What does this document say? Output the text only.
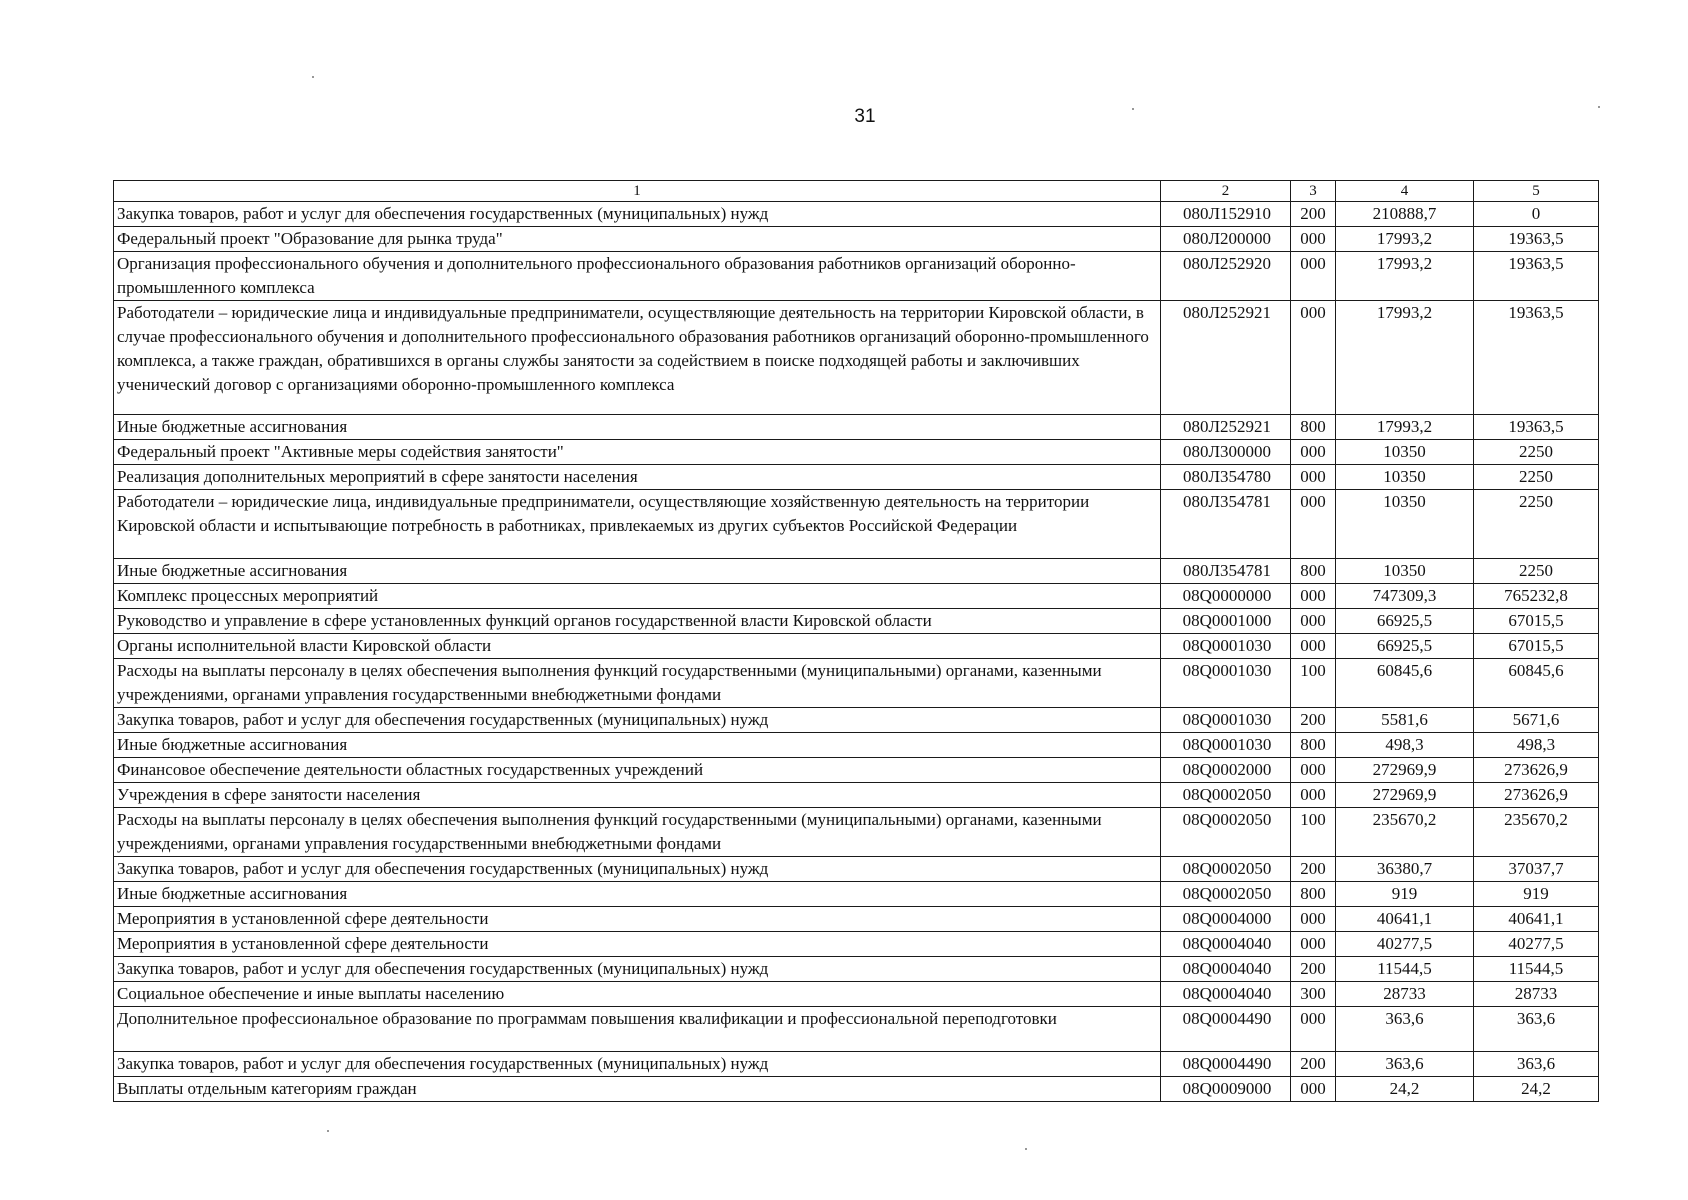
31
1	2	3	4	5
Закупка товаров, работ и услуг для обеспечения государственных (муниципальных) нужд	080Л152910	200	210888,7	0
Федеральный проект "Образование для рынка труда"	080Л200000	000	17993,2	19363,5
Организация профессионального обучения и дополнительного профессионального образования работников организаций оборонно-промышленного комплекса	080Л252920	000	17993,2	19363,5
Работодатели – юридические лица и индивидуальные предприниматели, осуществляющие деятельность на территории Кировской области, в случае профессионального обучения и дополнительного профессионального образования работников организаций оборонно-промышленного комплекса, а также граждан, обратившихся в органы службы занятости за содействием в поиске подходящей работы и заключивших ученический договор с организациями оборонно-промышленного комплекса	080Л252921	000	17993,2	19363,5
Иные бюджетные ассигнования	080Л252921	800	17993,2	19363,5
Федеральный проект "Активные меры содействия занятости"	080Л300000	000	10350	2250
Реализация дополнительных мероприятий в сфере занятости населения	080Л354780	000	10350	2250
Работодатели – юридические лица, индивидуальные предприниматели, осуществляющие хозяйственную деятельность на территории Кировской области и испытывающие потребность в работниках, привлекаемых из других субъектов Российской Федерации	080Л354781	000	10350	2250
Иные бюджетные ассигнования	080Л354781	800	10350	2250
Комплекс процессных мероприятий	08Q0000000	000	747309,3	765232,8
Руководство и управление в сфере установленных функций органов государственной власти Кировской области	08Q0001000	000	66925,5	67015,5
Органы исполнительной власти Кировской области	08Q0001030	000	66925,5	67015,5
Расходы на выплаты персоналу в целях обеспечения выполнения функций государственными (муниципальными) органами, казенными учреждениями, органами управления государственными внебюджетными фондами	08Q0001030	100	60845,6	60845,6
Закупка товаров, работ и услуг для обеспечения государственных (муниципальных) нужд	08Q0001030	200	5581,6	5671,6
Иные бюджетные ассигнования	08Q0001030	800	498,3	498,3
Финансовое обеспечение деятельности областных государственных учреждений	08Q0002000	000	272969,9	273626,9
Учреждения в сфере занятости населения	08Q0002050	000	272969,9	273626,9
Расходы на выплаты персоналу в целях обеспечения выполнения функций государственными (муниципальными) органами, казенными учреждениями, органами управления государственными внебюджетными фондами	08Q0002050	100	235670,2	235670,2
Закупка товаров, работ и услуг для обеспечения государственных (муниципальных) нужд	08Q0002050	200	36380,7	37037,7
Иные бюджетные ассигнования	08Q0002050	800	919	919
Мероприятия в установленной сфере деятельности	08Q0004000	000	40641,1	40641,1
Мероприятия в установленной сфере деятельности	08Q0004040	000	40277,5	40277,5
Закупка товаров, работ и услуг для обеспечения государственных (муниципальных) нужд	08Q0004040	200	11544,5	11544,5
Социальное обеспечение и иные выплаты населению	08Q0004040	300	28733	28733
Дополнительное профессиональное образование по программам повышения квалификации и профессиональной переподготовки	08Q0004490	000	363,6	363,6
Закупка товаров, работ и услуг для обеспечения государственных (муниципальных) нужд	08Q0004490	200	363,6	363,6
Выплаты отдельным категориям граждан	08Q0009000	000	24,2	24,2
